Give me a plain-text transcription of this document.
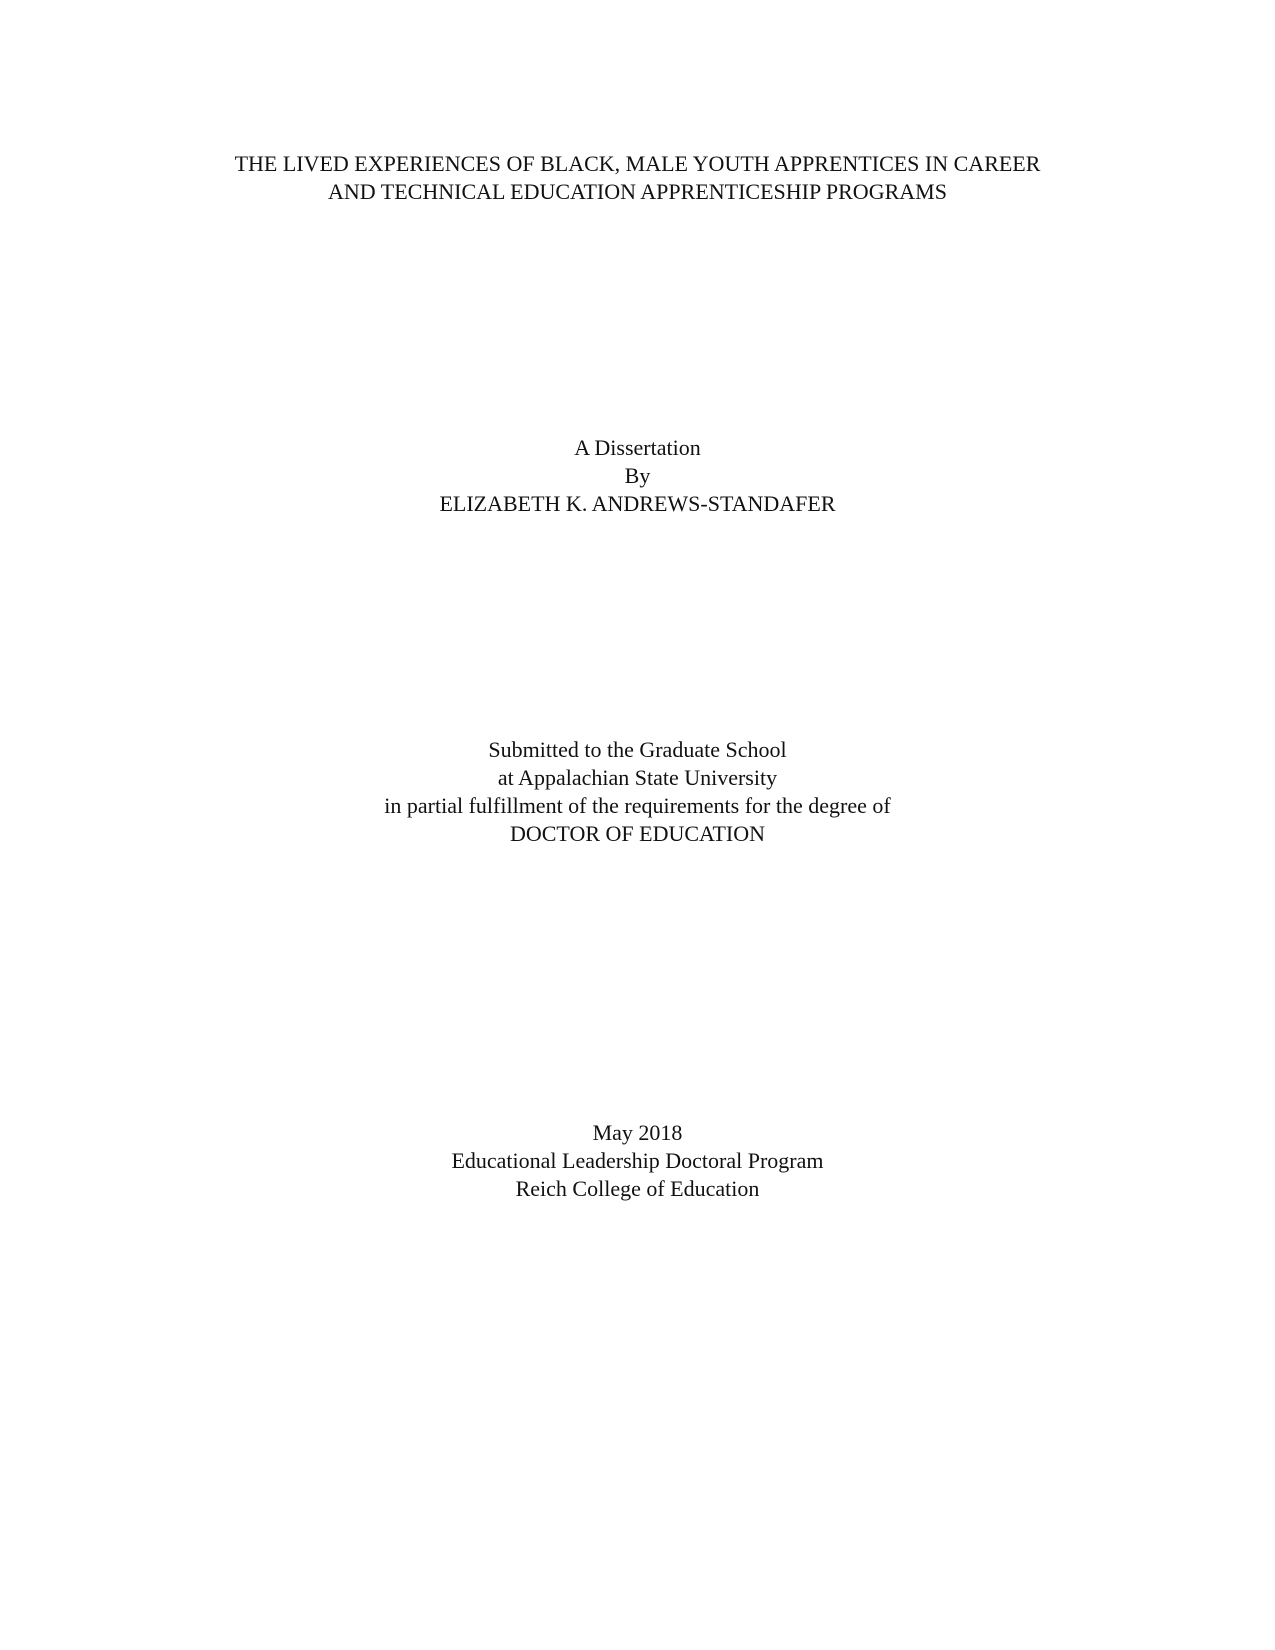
THE LIVED EXPERIENCES OF BLACK, MALE YOUTH APPRENTICES IN CAREER
AND TECHNICAL EDUCATION APPRENTICESHIP PROGRAMS
A Dissertation
By
ELIZABETH K. ANDREWS-STANDAFER
Submitted to the Graduate School
at Appalachian State University
in partial fulfillment of the requirements for the degree of
DOCTOR OF EDUCATION
May 2018
Educational Leadership Doctoral Program
Reich College of Education
